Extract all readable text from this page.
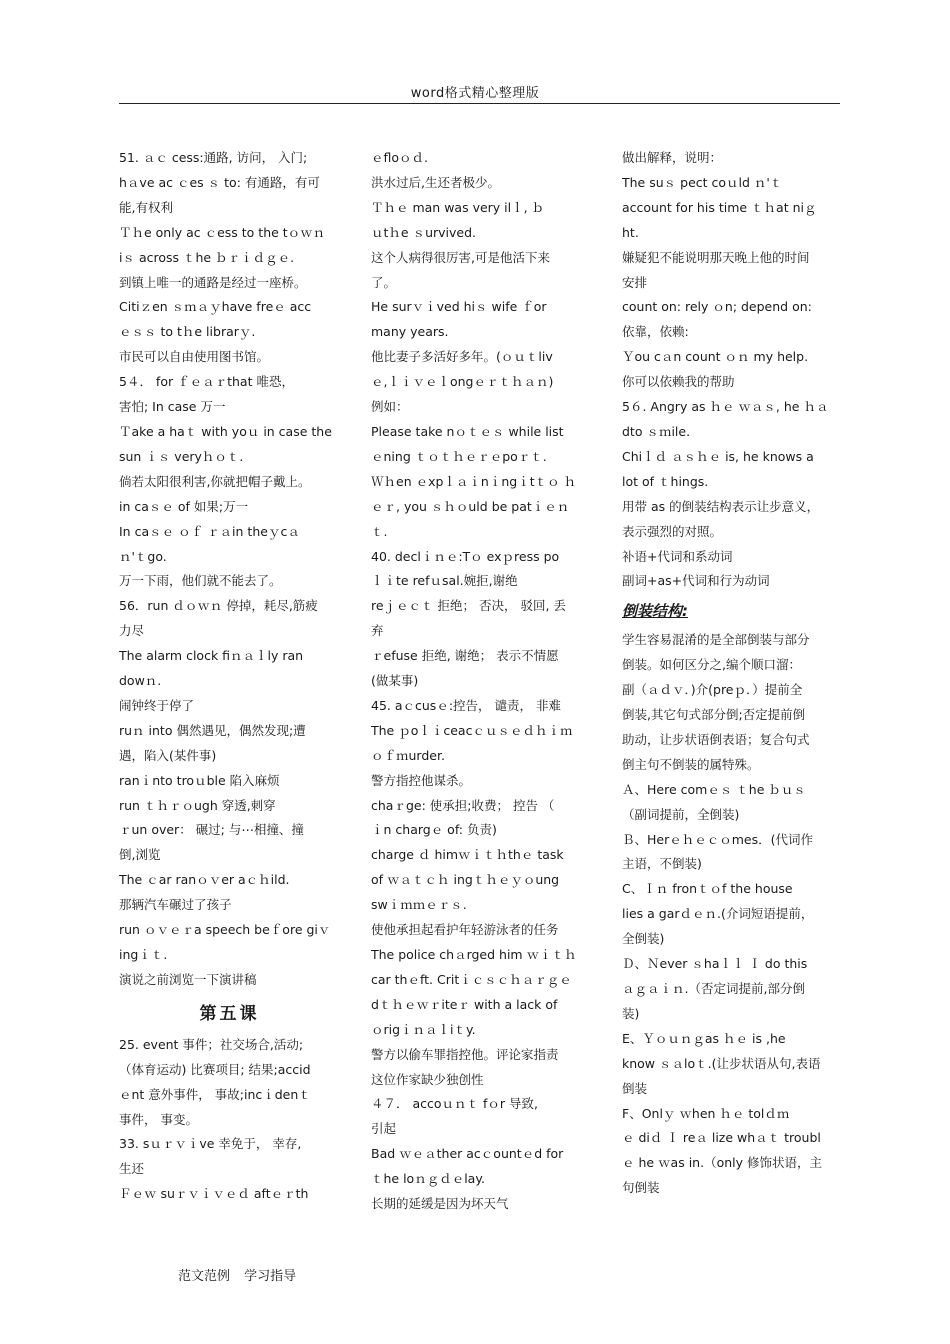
word格式精心整理版

51. ａｃ cess:通路, 访问， 入门;

hａve ac ｃes ｓ to: 有通路，有可

能,有权利

Ｔｈe only ac ｃess to the tｏｗｎ

iｓ across ｔhe ｂｒｉｄｇｅ.

到镇上唯一的通路是经过一座桥。

Citiｚen ｓｍａｙhave freｅ acc

ｅｓｓ to tｈe librarｙ.

市民可以自由使用图书馆。

5４． for ｆｅａｒthat 唯恐，

害怕; In case 万一

Ｔake a haｔ with yoｕ in case the

sun ｉｓ veryｈｏｔ.

倘若太阳很利害,你就把帽子戴上。

in caｓｅ of 如果;万一

In caｓｅ ｏｆ ｒａin theｙcａ

ｎ'ｔgo.

万一下雨，他们就不能去了。

56．run ｄｏｗｎ 停掉，耗尽,筋疲

力尽

The alarm clock fiｎａｌly ran

dowｎ.

闹钟终于停了

ruｎ into 偶然遇见，偶然发现;遭

遇，陷入(某件事)

ranｉnto troｕble 陷入麻烦

run ｔｈｒｏugh 穿透,刺穿

ｒun over： 碾过; 与⋯相撞、撞

倒,浏览

The ｃar ranｏｖer aｃｈild.

那辆汽车碾过了孩子

run ｏｖｅｒa speech beｆore giｖ

ingｉｔ.

演说之前浏览一下演讲稿

第五课

25. event 事件；社交场合,活动;

（体育运动) 比赛项目; 结果;accid

ｅnt 意外事件， 事故;incｉdenｔ

事件， 事变。

33. sｕｒｖｉve 幸免于， 幸存,

生还

Ｆｅｗ suｒｖｉｖｅｄ aftｅｒth

ｅfloｏｄ.

洪水过后,生还者极少。

Ｔｈｅ man was very ilｌ, ｂ

ｕtｈe ｓurvived.

这个人病得很厉害,可是他活下来

了。

He surｖｉved hiｓ wife ｆor

many years.

他比妻子多活好多年。(ｏｕｔliv

ｅ,ｌｉｖｅｌongｅｒｔｈａｎ)

例如：

Please take nｏｔｅｓ while list

ｅning ｔｏｔｈｅｒｅpoｒｔ.

Ｗｈen ｅxpｌａｉnｉngｉtｔｏ ｈ

ｅｒ, you ｓｈｏuld be patｉｅｎ

ｔ.

40. declｉｎｅ:Tｏ exｐress po

ｌｉte refｕsal.婉拒,谢绝

reｊｅｃｔ 拒绝； 否决， 驳回, 丢

弃

ｒefuse 拒绝, 谢绝； 表示不情愿

(做某事)

45. aｃcusｅ:控告， 谴责， 非难

The ｐoｌｉceacｃｕｓｅｄｈｉｍ

ｏｆｍurder.

警方指控他谋杀。

chaｒge: 使承担;收费； 控告 （

ｉn chargｅ of: 负责)

charge ｄ himｗｉｔｈthｅ task

of ｗａｔｃｈ ingｔｈｅｙｏung

swｉｍｍｅｒｓ.

使他承担起看护年轻游泳者的任务

The police chａrged him ｗｉｔｈ

car thｅft. Critｉｃｓｃｈａｒｇｅ

dｔｈｅｗｒiteｒ with a lack of

ｏrigｉｎａｌiｔy.

警方以偷车罪指控他。评论家指责

这位作家缺少独创性

４７． accoｕｎｔ fｏr 导致,

引起

Bad ｗｅａther acｃountｅd for

ｔhe loｎｇｄｅlay.

长期的延缓是因为坏天气

做出解释，说明：

The suｓ pect coｕld ｎ'ｔ

account for his time ｔｈat niｇ

ht.

嫌疑犯不能说明那天晚上他的时间

安排

count on: rely ｏn; depend on:

依靠，依赖:

Ｙou cａn count ｏｎ my help.

你可以依赖我的帮助

5６. Angry as ｈｅ ｗａｓ, he ｈａ

dto ｓｍile.

Chiｌｄ ａｓｈｅ is, he knows a

lot of ｔhings.

用带 as 的倒装结构表示让步意义，

表示强烈的对照。

补语+代词和系动词

副词+as+代词和行为动词

倒装结构:

学生容易混淆的是全部倒装与部分

倒装。如何区分之,编个顺口溜：

副（ａｄｖ．)介(preｐ．）提前全

倒装,其它句式部分倒;否定提前倒

助动，让步状语倒表语；复合句式

倒主句不倒装的属特殊。

Ａ、Here comｅｓ ｔhe ｂｕｓ

（副词提前，全倒装)

Ｂ、Herｅｈｅｃｏmes．(代词作

主语，不倒装)

C、Ｉｎ fronｔｏf the house

lies a garｄｅｎ.(介词短语提前，

全倒装)

Ｄ、Ｎever ｓhaｌｌ Ｉ do this

ａｇａｉｎ.（否定词提前,部分倒

装)

E、Ｙｏｕｎｇas ｈｅ is ,he

know ｓａloｔ.(让步状语从句,表语

倒装

F、Onlｙ ｗhen ｈｅ tolｄｍ

ｅ diｄ Ｉ reａ lize whａｔ troubl

ｅ he ｗas in.（only 修饰状语，主

句倒装

范文范例 学习指导
